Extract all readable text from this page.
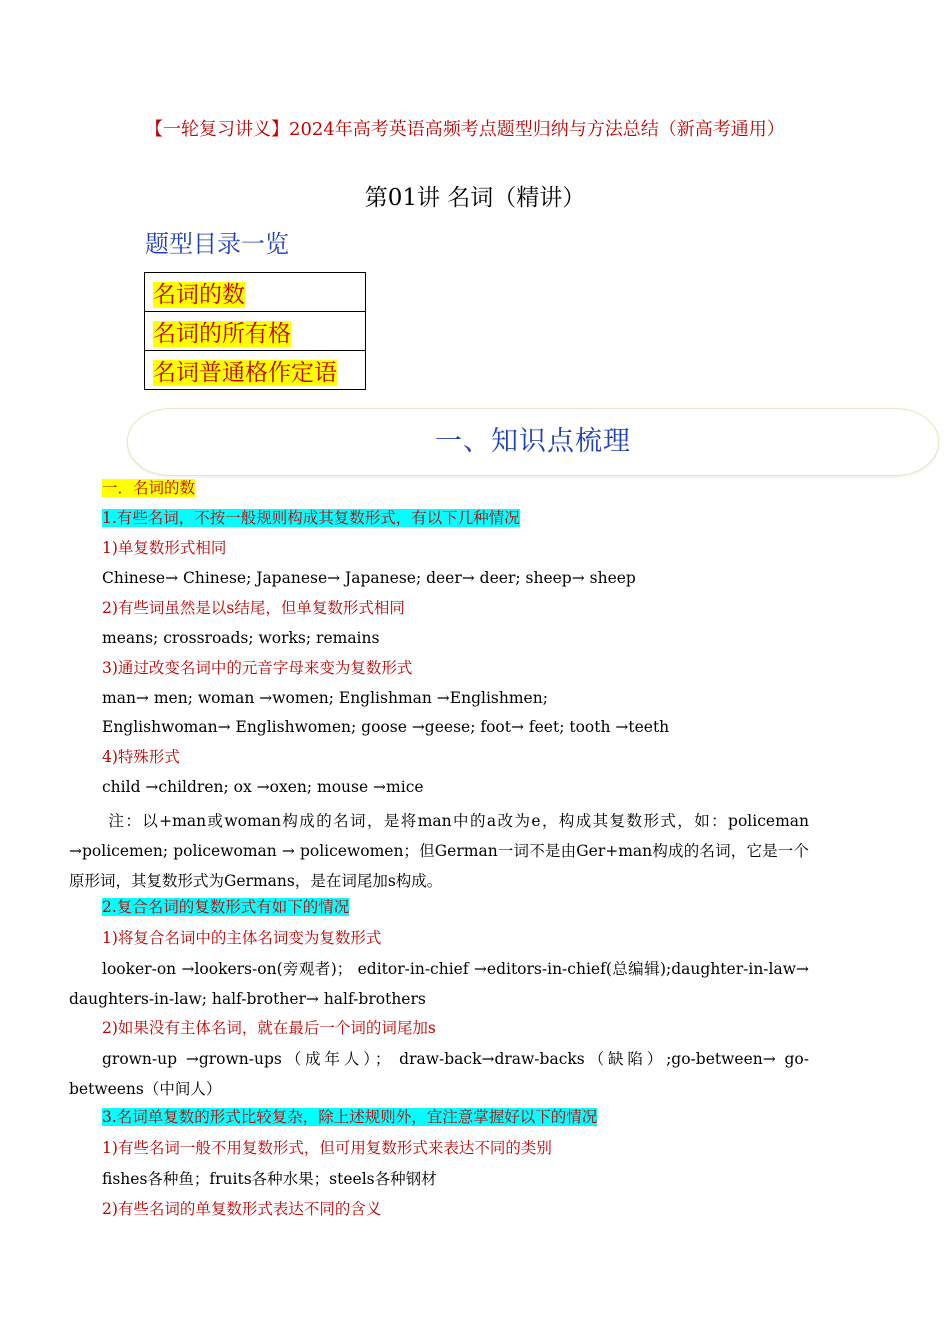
【一轮复习讲义】2024年高考英语高频考点题型归纳与方法总结（新高考通用）
第01讲 名词（精讲）
题型目录一览
名词的数
名词的所有格
名词普通格作定语
一、知识点梳理
一．名词的数
1.有些名词，不按一般规则构成其复数形式，有以下几种情况
1)单复数形式相同
Chinese→ Chinese; Japanese→ Japanese; deer→ deer; sheep→ sheep
2)有些词虽然是以s结尾，但单复数形式相同
means; crossroads; works; remains
3)通过改变名词中的元音字母来变为复数形式
man→ men; woman →women; Englishman →Englishmen;
Englishwoman→ Englishwomen; goose →geese; foot→ feet; tooth →teeth
4)特殊形式
child →children; ox →oxen; mouse →mice
注：以+man或woman构成的名词，是将man中的a改为e，构成其复数形式，如：policeman →policemen; policewoman → policewomen；但German一词不是由Ger+man构成的名词，它是一个原形词，其复数形式为Germans，是在词尾加s构成。
2.复合名词的复数形式有如下的情况
1)将复合名词中的主体名词变为复数形式
looker-on →lookers-on(旁观者)； editor-in-chief →editors-in-chief(总编辑);daughter-in-law→ daughters-in-law; half-brother→ half-brothers
2)如果没有主体名词，就在最后一个词的词尾加s
grown-up →grown-ups（成年人）； draw-back→draw-backs（缺陷）;go-between→ go-betweens（中间人）
3.名词单复数的形式比较复杂，除上述规则外，宜注意掌握好以下的情况
1)有些名词一般不用复数形式，但可用复数形式来表达不同的类别
fishes各种鱼；fruits各种水果；steels各种钢材
2)有些名词的单复数形式表达不同的含义
